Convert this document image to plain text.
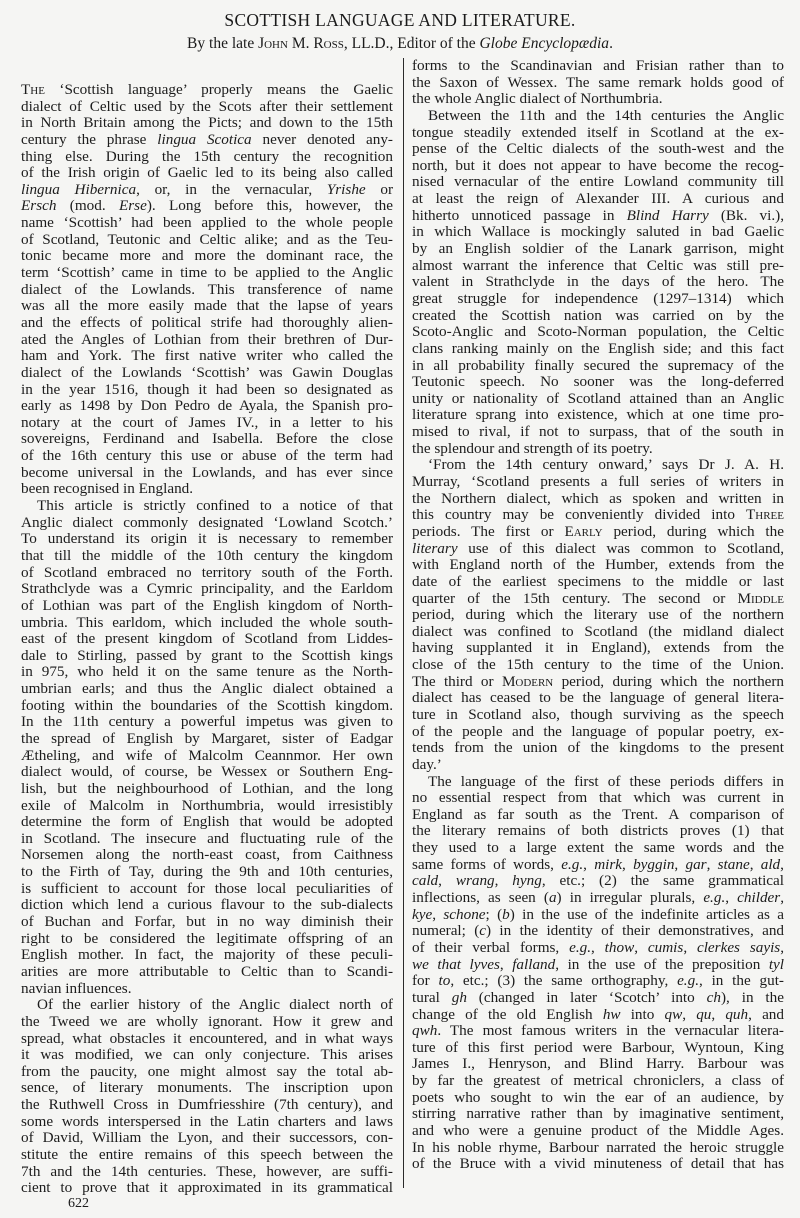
SCOTTISH LANGUAGE AND LITERATURE.
By the late John M. Ross, LL.D., Editor of the Globe Encyclopædia.
The ‘Scottish language’ properly means the Gaelic
dialect of Celtic used by the Scots after their settlement
in North Britain among the Picts; and down to the 15th
century the phrase lingua Scotica never denoted any-
thing else. During the 15th century the recognition
of the Irish origin of Gaelic led to its being also called
lingua Hibernica, or, in the vernacular, Yrishe or
Ersch (mod. Erse). Long before this, however, the
name ‘Scottish’ had been applied to the whole people
of Scotland, Teutonic and Celtic alike; and as the Teu-
tonic became more and more the dominant race, the
term ‘Scottish’ came in time to be applied to the Anglic
dialect of the Lowlands. This transference of name
was all the more easily made that the lapse of years
and the effects of political strife had thoroughly alien-
ated the Angles of Lothian from their brethren of Dur-
ham and York. The first native writer who called the
dialect of the Lowlands ‘Scottish’ was Gawin Douglas
in the year 1516, though it had been so designated as
early as 1498 by Don Pedro de Ayala, the Spanish pro-
notary at the court of James IV., in a letter to his
sovereigns, Ferdinand and Isabella. Before the close
of the 16th century this use or abuse of the term had
become universal in the Lowlands, and has ever since
been recognised in England.
This article is strictly confined to a notice of that
Anglic dialect commonly designated ‘Lowland Scotch.’
To understand its origin it is necessary to remember
that till the middle of the 10th century the kingdom
of Scotland embraced no territory south of the Forth.
Strathclyde was a Cymric principality, and the Earldom
of Lothian was part of the English kingdom of North-
umbria. This earldom, which included the whole south-
east of the present kingdom of Scotland from Liddes-
dale to Stirling, passed by grant to the Scottish kings
in 975, who held it on the same tenure as the North-
umbrian earls; and thus the Anglic dialect obtained a
footing within the boundaries of the Scottish kingdom.
In the 11th century a powerful impetus was given to
the spread of English by Margaret, sister of Eadgar
Ætheling, and wife of Malcolm Ceannmor. Her own
dialect would, of course, be Wessex or Southern Eng-
lish, but the neighbourhood of Lothian, and the long
exile of Malcolm in Northumbria, would irresistibly
determine the form of English that would be adopted
in Scotland. The insecure and fluctuating rule of the
Norsemen along the north-east coast, from Caithness
to the Firth of Tay, during the 9th and 10th centuries,
is sufficient to account for those local peculiarities of
diction which lend a curious flavour to the sub-dialects
of Buchan and Forfar, but in no way diminish their
right to be considered the legitimate offspring of an
English mother. In fact, the majority of these peculi-
arities are more attributable to Celtic than to Scandi-
navian influences.
Of the earlier history of the Anglic dialect north of
the Tweed we are wholly ignorant. How it grew and
spread, what obstacles it encountered, and in what ways
it was modified, we can only conjecture. This arises
from the paucity, one might almost say the total ab-
sence, of literary monuments. The inscription upon
the Ruthwell Cross in Dumfriesshire (7th century), and
some words interspersed in the Latin charters and laws
of David, William the Lyon, and their successors, con-
stitute the entire remains of this speech between the
7th and the 14th centuries. These, however, are suffi-
cient to prove that it approximated in its grammatical
forms to the Scandinavian and Frisian rather than to
the Saxon of Wessex. The same remark holds good of
the whole Anglic dialect of Northumbria.
Between the 11th and the 14th centuries the Anglic
tongue steadily extended itself in Scotland at the ex-
pense of the Celtic dialects of the south-west and the
north, but it does not appear to have become the recog-
nised vernacular of the entire Lowland community till
at least the reign of Alexander III. A curious and
hitherto unnoticed passage in Blind Harry (Bk. vi.),
in which Wallace is mockingly saluted in bad Gaelic
by an English soldier of the Lanark garrison, might
almost warrant the inference that Celtic was still pre-
valent in Strathclyde in the days of the hero. The
great struggle for independence (1297–1314) which
created the Scottish nation was carried on by the
Scoto-Anglic and Scoto-Norman population, the Celtic
clans ranking mainly on the English side; and this fact
in all probability finally secured the supremacy of the
Teutonic speech. No sooner was the long-deferred
unity or nationality of Scotland attained than an Anglic
literature sprang into existence, which at one time pro-
mised to rival, if not to surpass, that of the south in
the splendour and strength of its poetry.
‘From the 14th century onward,’ says Dr J. A. H.
Murray, ‘Scotland presents a full series of writers in
the Northern dialect, which as spoken and written in
this country may be conveniently divided into Three
periods. The first or Early period, during which the
literary use of this dialect was common to Scotland,
with England north of the Humber, extends from the
date of the earliest specimens to the middle or last
quarter of the 15th century. The second or Middle
period, during which the literary use of the northern
dialect was confined to Scotland (the midland dialect
having supplanted it in England), extends from the
close of the 15th century to the time of the Union.
The third or Modern period, during which the northern
dialect has ceased to be the language of general litera-
ture in Scotland also, though surviving as the speech
of the people and the language of popular poetry, ex-
tends from the union of the kingdoms to the present
day.’
The language of the first of these periods differs in
no essential respect from that which was current in
England as far south as the Trent. A comparison of
the literary remains of both districts proves (1) that
they used to a large extent the same words and the
same forms of words, e.g., mirk, byggin, gar, stane, ald,
cald, wrang, hyng, etc.; (2) the same grammatical
inflections, as seen (a) in irregular plurals, e.g., childer,
kye, schone; (b) in the use of the indefinite articles as a
numeral; (c) in the identity of their demonstratives, and
of their verbal forms, e.g., thow, cumis, clerkes sayis,
we that lyves, falland, in the use of the preposition tyl
for to, etc.; (3) the same orthography, e.g., in the gut-
tural gh (changed in later ‘Scotch’ into ch), in the
change of the old English hw into qw, qu, quh, and
qwh. The most famous writers in the vernacular litera-
ture of this first period were Barbour, Wyntoun, King
James I., Henryson, and Blind Harry. Barbour was
by far the greatest of metrical chroniclers, a class of
poets who sought to win the ear of an audience, by
stirring narrative rather than by imaginative sentiment,
and who were a genuine product of the Middle Ages.
In his noble rhyme, Barbour narrated the heroic struggle
of the Bruce with a vivid minuteness of detail that has
622
